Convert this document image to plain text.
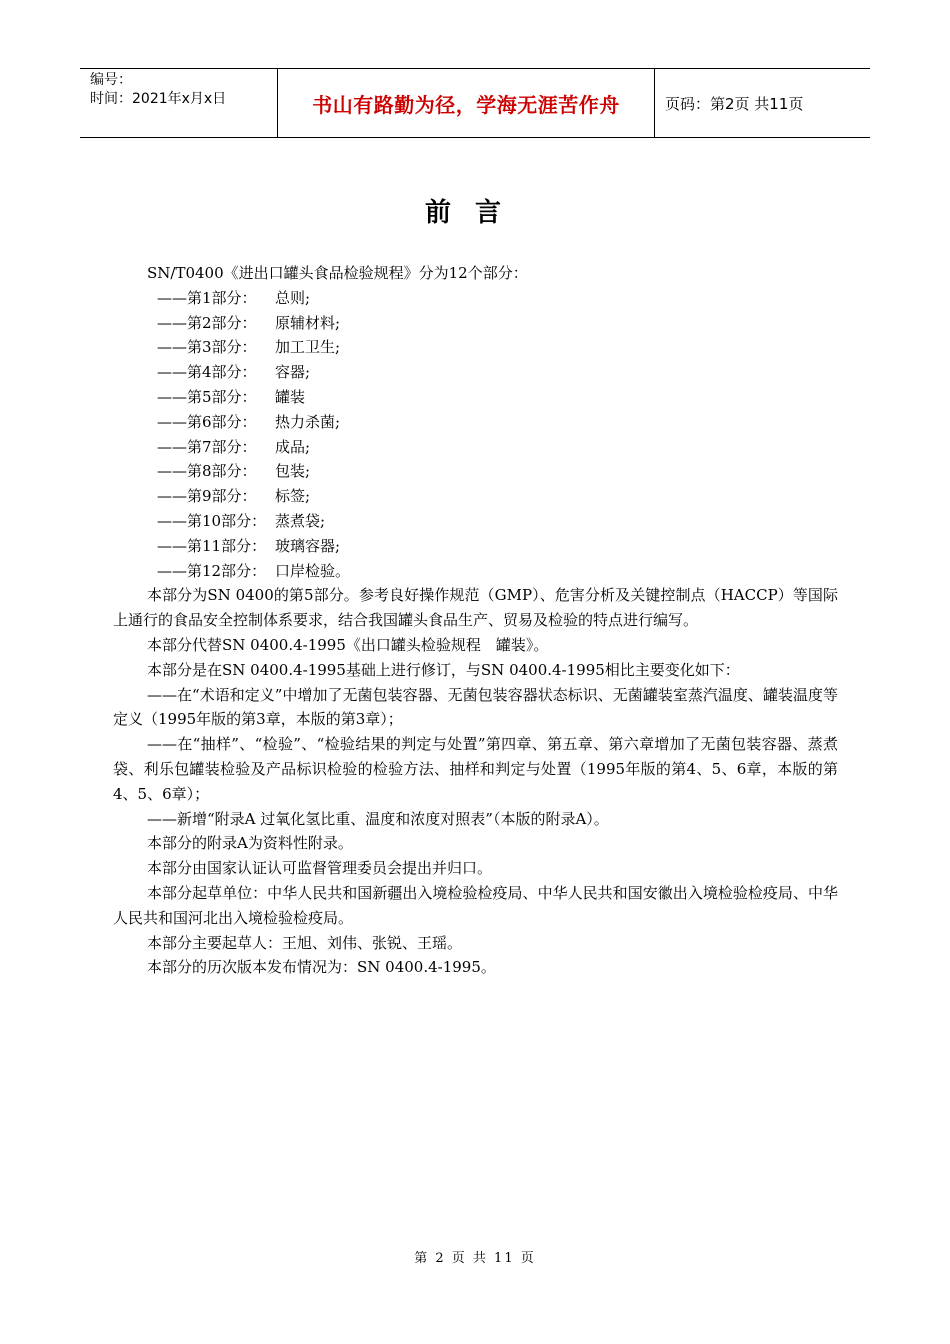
编号：
时间：2021年x月x日	书山有路勤为径，学海无涯苦作舟	页码：第2页 共11页
前言

SN/T0400《进出口罐头食品检验规程》分为12个部分：

——第1部分：	总则;
——第2部分：	原辅材料;
——第3部分：	加工卫生;
——第4部分：	容器;
——第5部分：	罐装
——第6部分：	热力杀菌;
——第7部分：	成品;
——第8部分：	包装;
——第9部分：	标签;
——第10部分： 蒸煮袋;
——第11部分： 玻璃容器;
——第12部分： 口岸检验。

本部分为SN 0400的第5部分。参考良好操作规范（GMP）、危害分析及关键控制点（HACCP）等国际上通行的食品安全控制体系要求，结合我国罐头食品生产、贸易及检验的特点进行编写。

本部分代替SN 0400.4-1995《出口罐头检验规程　罐装》。

本部分是在SN 0400.4-1995基础上进行修订，与SN 0400.4-1995相比主要变化如下：

——在“术语和定义”中增加了无菌包装容器、无菌包装容器状态标识、无菌罐装室蒸汽温度、罐装温度等定义（1995年版的第3章，本版的第3章）；

——在“抽样”、“检验”、“检验结果的判定与处置”第四章、第五章、第六章增加了无菌包装容器、蒸煮袋、利乐包罐装检验及产品标识检验的检验方法、抽样和判定与处置（1995年版的第4、5、6章，本版的第4、5、6章）；

——新增“附录A 过氧化氢比重、温度和浓度对照表”（本版的附录A）。

本部分的附录A为资料性附录。

本部分由国家认证认可监督管理委员会提出并归口。

本部分起草单位：中华人民共和国新疆出入境检验检疫局、中华人民共和国安徽出入境检验检疫局、中华人民共和国河北出入境检验检疫局。

本部分主要起草人：王旭、刘伟、张锐、王瑶。

本部分的历次版本发布情况为：SN 0400.4-1995。

第 2 页 共 11 页
